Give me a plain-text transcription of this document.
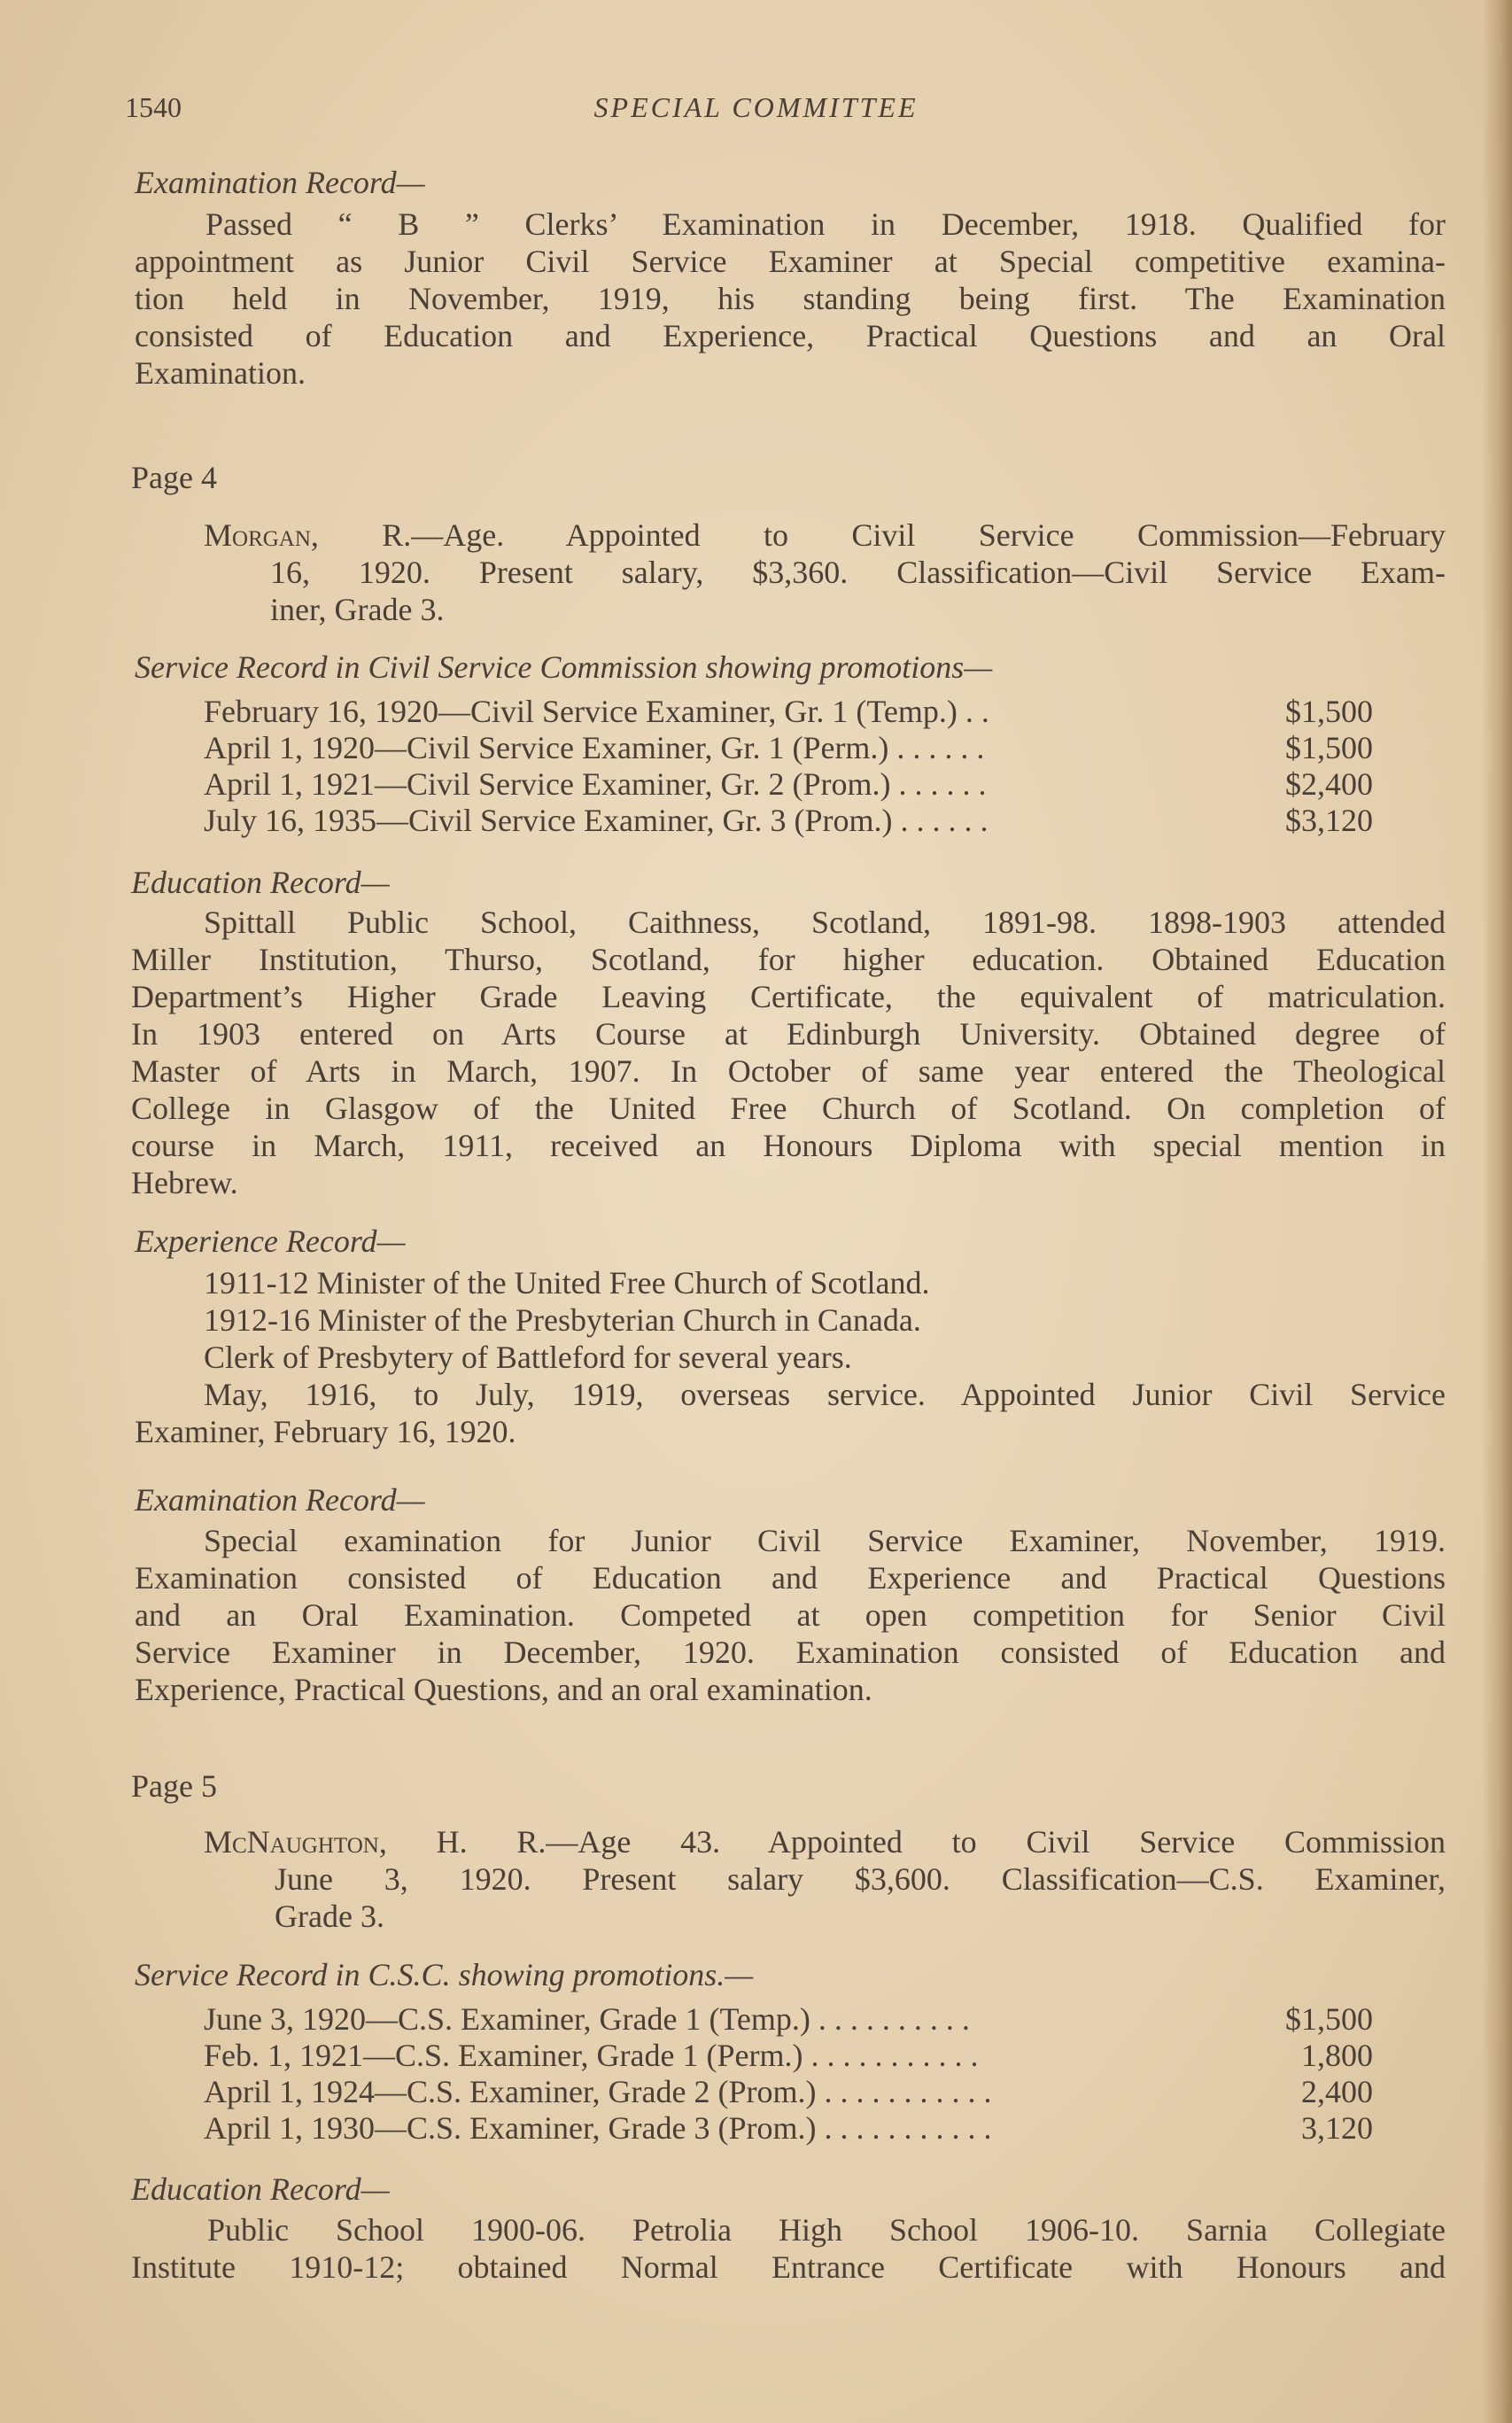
1540	SPECIAL COMMITTEE
Examination Record—
Passed “ B ” Clerks’ Examination in December, 1918. Qualified for
appointment as Junior Civil Service Examiner at Special competitive examina-
tion held in November, 1919, his standing being first. The Examination
consisted of Education and Experience, Practical Questions and an Oral
Examination.
Page 4
Morgan, R.—Age. Appointed to Civil Service Commission—February
16, 1920. Present salary, $3,360. Classification—Civil Service Exam-
iner, Grade 3.
Service Record in Civil Service Commission showing promotions—
February 16, 1920—Civil Service Examiner, Gr. 1 (Temp.) . .	$1,500
April 1, 1920—Civil Service Examiner, Gr. 1 (Perm.) . . . . . .	$1,500
April 1, 1921—Civil Service Examiner, Gr. 2 (Prom.) . . . . . .	$2,400
July 16, 1935—Civil Service Examiner, Gr. 3 (Prom.) . . . . . .	$3,120
Education Record—
Spittall Public School, Caithness, Scotland, 1891-98. 1898-1903 attended
Miller Institution, Thurso, Scotland, for higher education. Obtained Education
Department’s Higher Grade Leaving Certificate, the equivalent of matriculation.
In 1903 entered on Arts Course at Edinburgh University. Obtained degree of
Master of Arts in March, 1907. In October of same year entered the Theological
College in Glasgow of the United Free Church of Scotland. On completion of
course in March, 1911, received an Honours Diploma with special mention in
Hebrew.
Experience Record—
1911-12 Minister of the United Free Church of Scotland.
1912-16 Minister of the Presbyterian Church in Canada.
Clerk of Presbytery of Battleford for several years.
May, 1916, to July, 1919, overseas service. Appointed Junior Civil Service
Examiner, February 16, 1920.
Examination Record—
Special examination for Junior Civil Service Examiner, November, 1919.
Examination consisted of Education and Experience and Practical Questions
and an Oral Examination. Competed at open competition for Senior Civil
Service Examiner in December, 1920. Examination consisted of Education and
Experience, Practical Questions, and an oral examination.
Page 5
McNaughton, H. R.—Age 43. Appointed to Civil Service Commission
June 3, 1920. Present salary $3,600. Classification—C.S. Examiner,
Grade 3.
Service Record in C.S.C. showing promotions.—
June 3, 1920—C.S. Examiner, Grade 1 (Temp.) . . . . . . . . . .	$1,500
Feb. 1, 1921—C.S. Examiner, Grade 1 (Perm.) . . . . . . . . . . .	1,800
April 1, 1924—C.S. Examiner, Grade 2 (Prom.) . . . . . . . . . . .	2,400
April 1, 1930—C.S. Examiner, Grade 3 (Prom.) . . . . . . . . . . .	3,120
Education Record—
Public School 1900-06. Petrolia High School 1906-10. Sarnia Collegiate
Institute 1910-12; obtained Normal Entrance Certificate with Honours and
